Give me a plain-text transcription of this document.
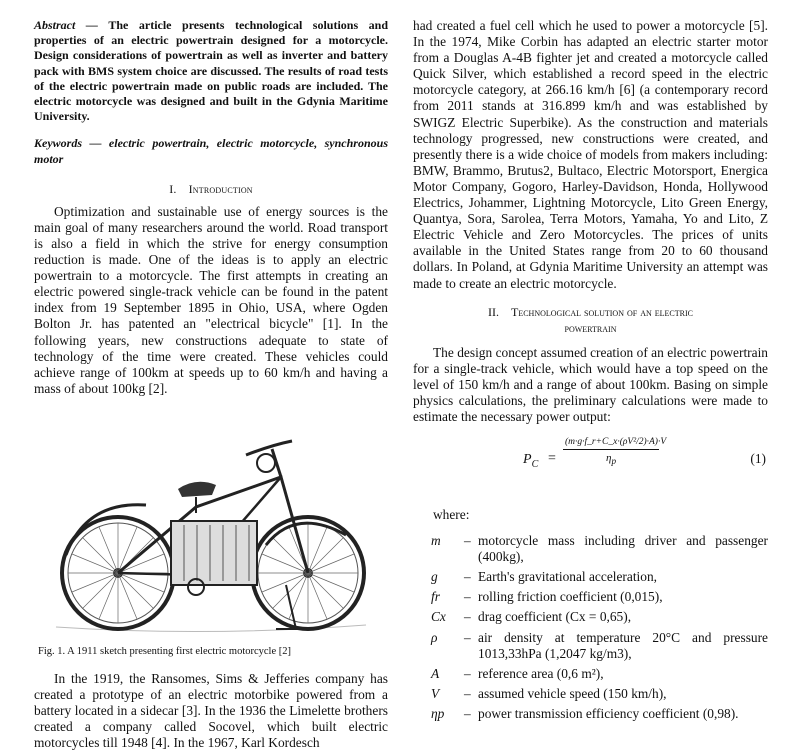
Abstract — The article presents technological solutions and properties of an electric powertrain designed for a motorcycle. Design considerations of powertrain as well as inverter and battery pack with BMS system choice are discussed. The results of road tests of the electric powertrain made on public roads are included. The electric motorcycle was designed and built in the Gdynia Maritime University.

Keywords — electric powertrain, electric motorcycle, synchronous motor

I. Introduction

Optimization and sustainable use of energy sources is the main goal of many researchers around the world. Road transport is also a field in which the strive for energy consumption reduction is made. One of the ideas is to apply an electric powertrain to a motorcycle. The first attempts in creating an electric powered single-track vehicle can be found in the patent index from 19 September 1895 in Ohio, USA, where Ogden Bolton Jr. has patented an "electrical bicycle" [1]. In the following years, new constructions adequate to state of technology of the time were created. These vehicles could achieve range of 100km at speeds up to 60 km/h and having a mass of about 100kg [2].

Fig. 1. A 1911 sketch presenting first electric motorcycle [2]

In the 1919, the Ransomes, Sims & Jefferies company has created a prototype of an electric motorbike powered from a battery located in a sidecar [3]. In the 1936 the Limelette brothers created a company called Socovel, which built electric motorcycles till 1948 [4]. In the 1967, Karl Kordesch

had created a fuel cell which he used to power a motorcycle [5]. In the 1974, Mike Corbin has adapted an electric starter motor from a Douglas A-4B fighter jet and created a motorcycle called Quick Silver, which established a record speed in the electric motorcycle category, at 266.16 km/h [6] (a contemporary record from 2011 stands at 316.899 km/h and was established by SWIGZ Electric Superbike). As the construction and materials technology progressed, new constructions were created, and presently there is a wide choice of models from makers including: BMW, Brammo, Brutus2, Bultaco, Electric Motorsport, Energica Motor Company, Gogoro, Harley-Davidson, Honda, Hollywood Electrics, Johammer, Lightning Motorcycle, Lito Green Energy, Quantya, Sora, Sarolea, Terra Motors, Yamaha, Yo and Lito, Z Electric Vehicle and Zero Motorcycles. The prices of units available in the United States range from 20 to 60 thousand dollars. In Poland, at Gdynia Maritime University an attempt was made to create an electric motorcycle.

II. Technological solution of an electric
powertrain

The design concept assumed creation of an electric powertrain for a single-track vehicle, which would have a top speed on the level of 150 km/h and a range of about 100km. Basing on simple physics calculations, the preliminary calculations were made to estimate the necessary power output:

$P_C$ =
(m·g·f_r+C_x·(ρV²/2)·A)·V
$\eta_p$	(1)

where:

m	– motorcycle mass including driver and passenger (400kg),
g	– Earth's gravitational acceleration,
fr	– rolling friction coefficient (0,015),
Cx	– drag coefficient (Cx = 0,65),
ρ	– air density at temperature 20°C and pressure 1013,33hPa (1,2047 kg/m3),
A	– reference area (0,6 m²),
V	– assumed vehicle speed (150 km/h),
ηp	– power transmission efficiency coefficient (0,98).
